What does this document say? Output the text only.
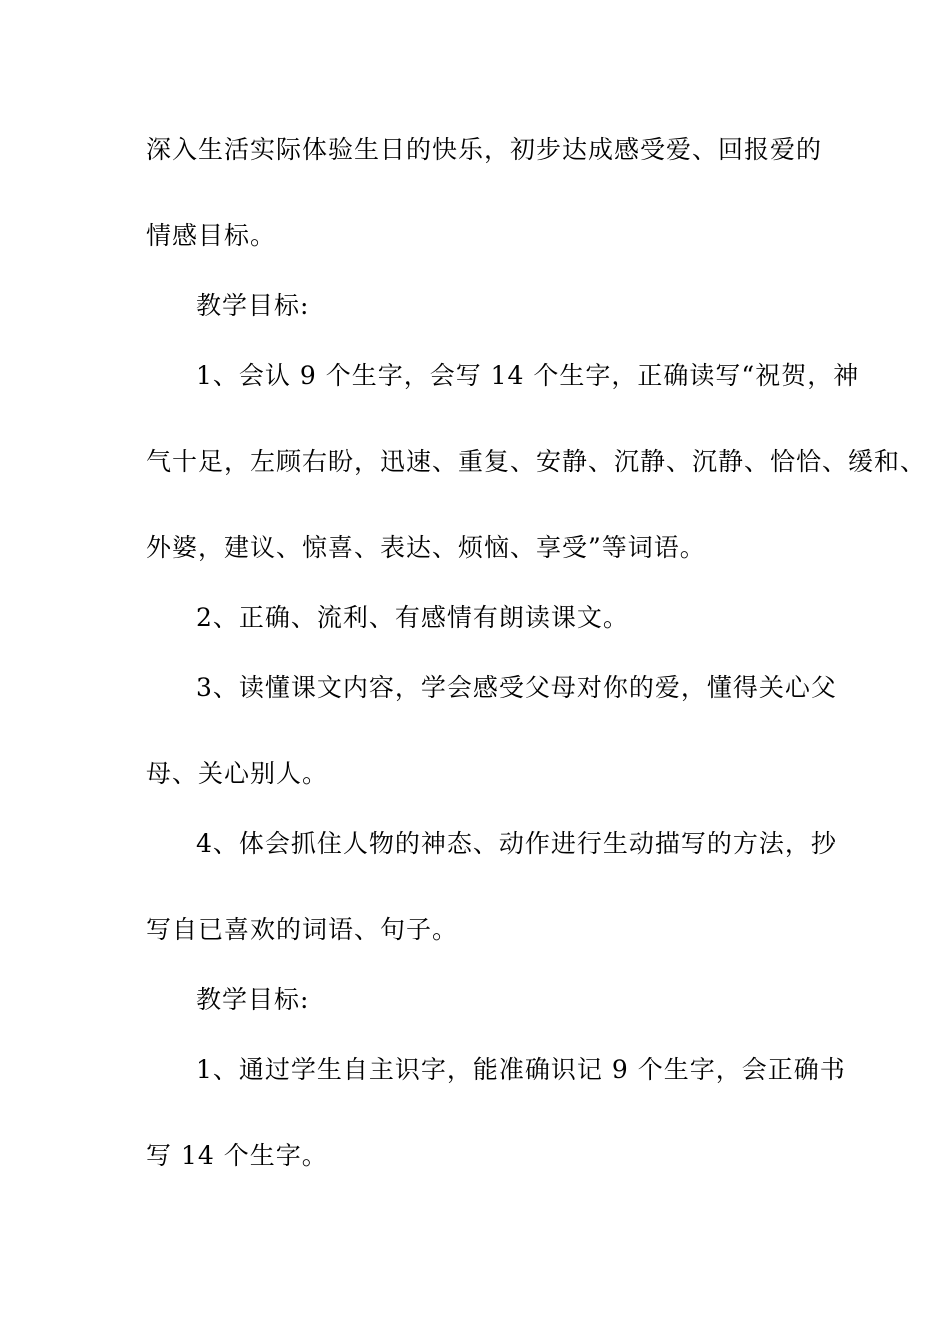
深入生活实际体验生日的快乐，初步达成感受爱、回报爱的
情感目标。
教学目标:
1、会认 9 个生字，会写 14 个生字，正确读写“祝贺，神
气十足，左顾右盼，迅速、重复、安静、沉静、沉静、恰恰、缓和、
外婆，建议、惊喜、表达、烦恼、享受”等词语。
2、正确、流利、有感情有朗读课文。
3、读懂课文内容，学会感受父母对你的爱，懂得关心父
母、关心别人。
4、体会抓住人物的神态、动作进行生动描写的方法，抄
写自已喜欢的词语、句子。
教学目标:
1、通过学生自主识字，能准确识记 9 个生字，会正确书
写 14 个生字。
